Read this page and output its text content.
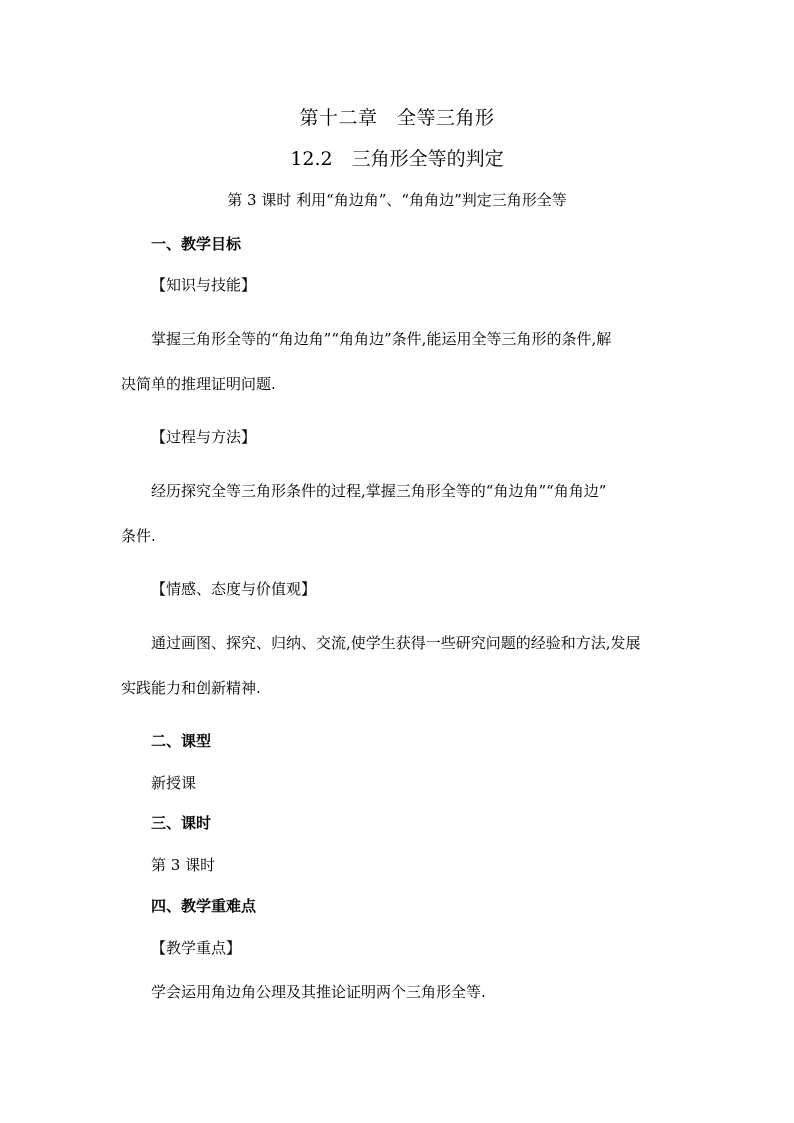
第十二章　全等三角形
12.2　三角形全等的判定
第 3 课时 利用“角边角”、“角角边”判定三角形全等
一、教学目标
【知识与技能】
掌握三角形全等的“角边角”“角角边”条件,能运用全等三角形的条件,解
决简单的推理证明问题.
【过程与方法】
经历探究全等三角形条件的过程,掌握三角形全等的“角边角”“角角边”
条件.
【情感、态度与价值观】
通过画图、探究、归纳、交流,使学生获得一些研究问题的经验和方法,发展
实践能力和创新精神.
二、课型
新授课
三、课时
第 3 课时
四、教学重难点
【教学重点】
学会运用角边角公理及其推论证明两个三角形全等.
